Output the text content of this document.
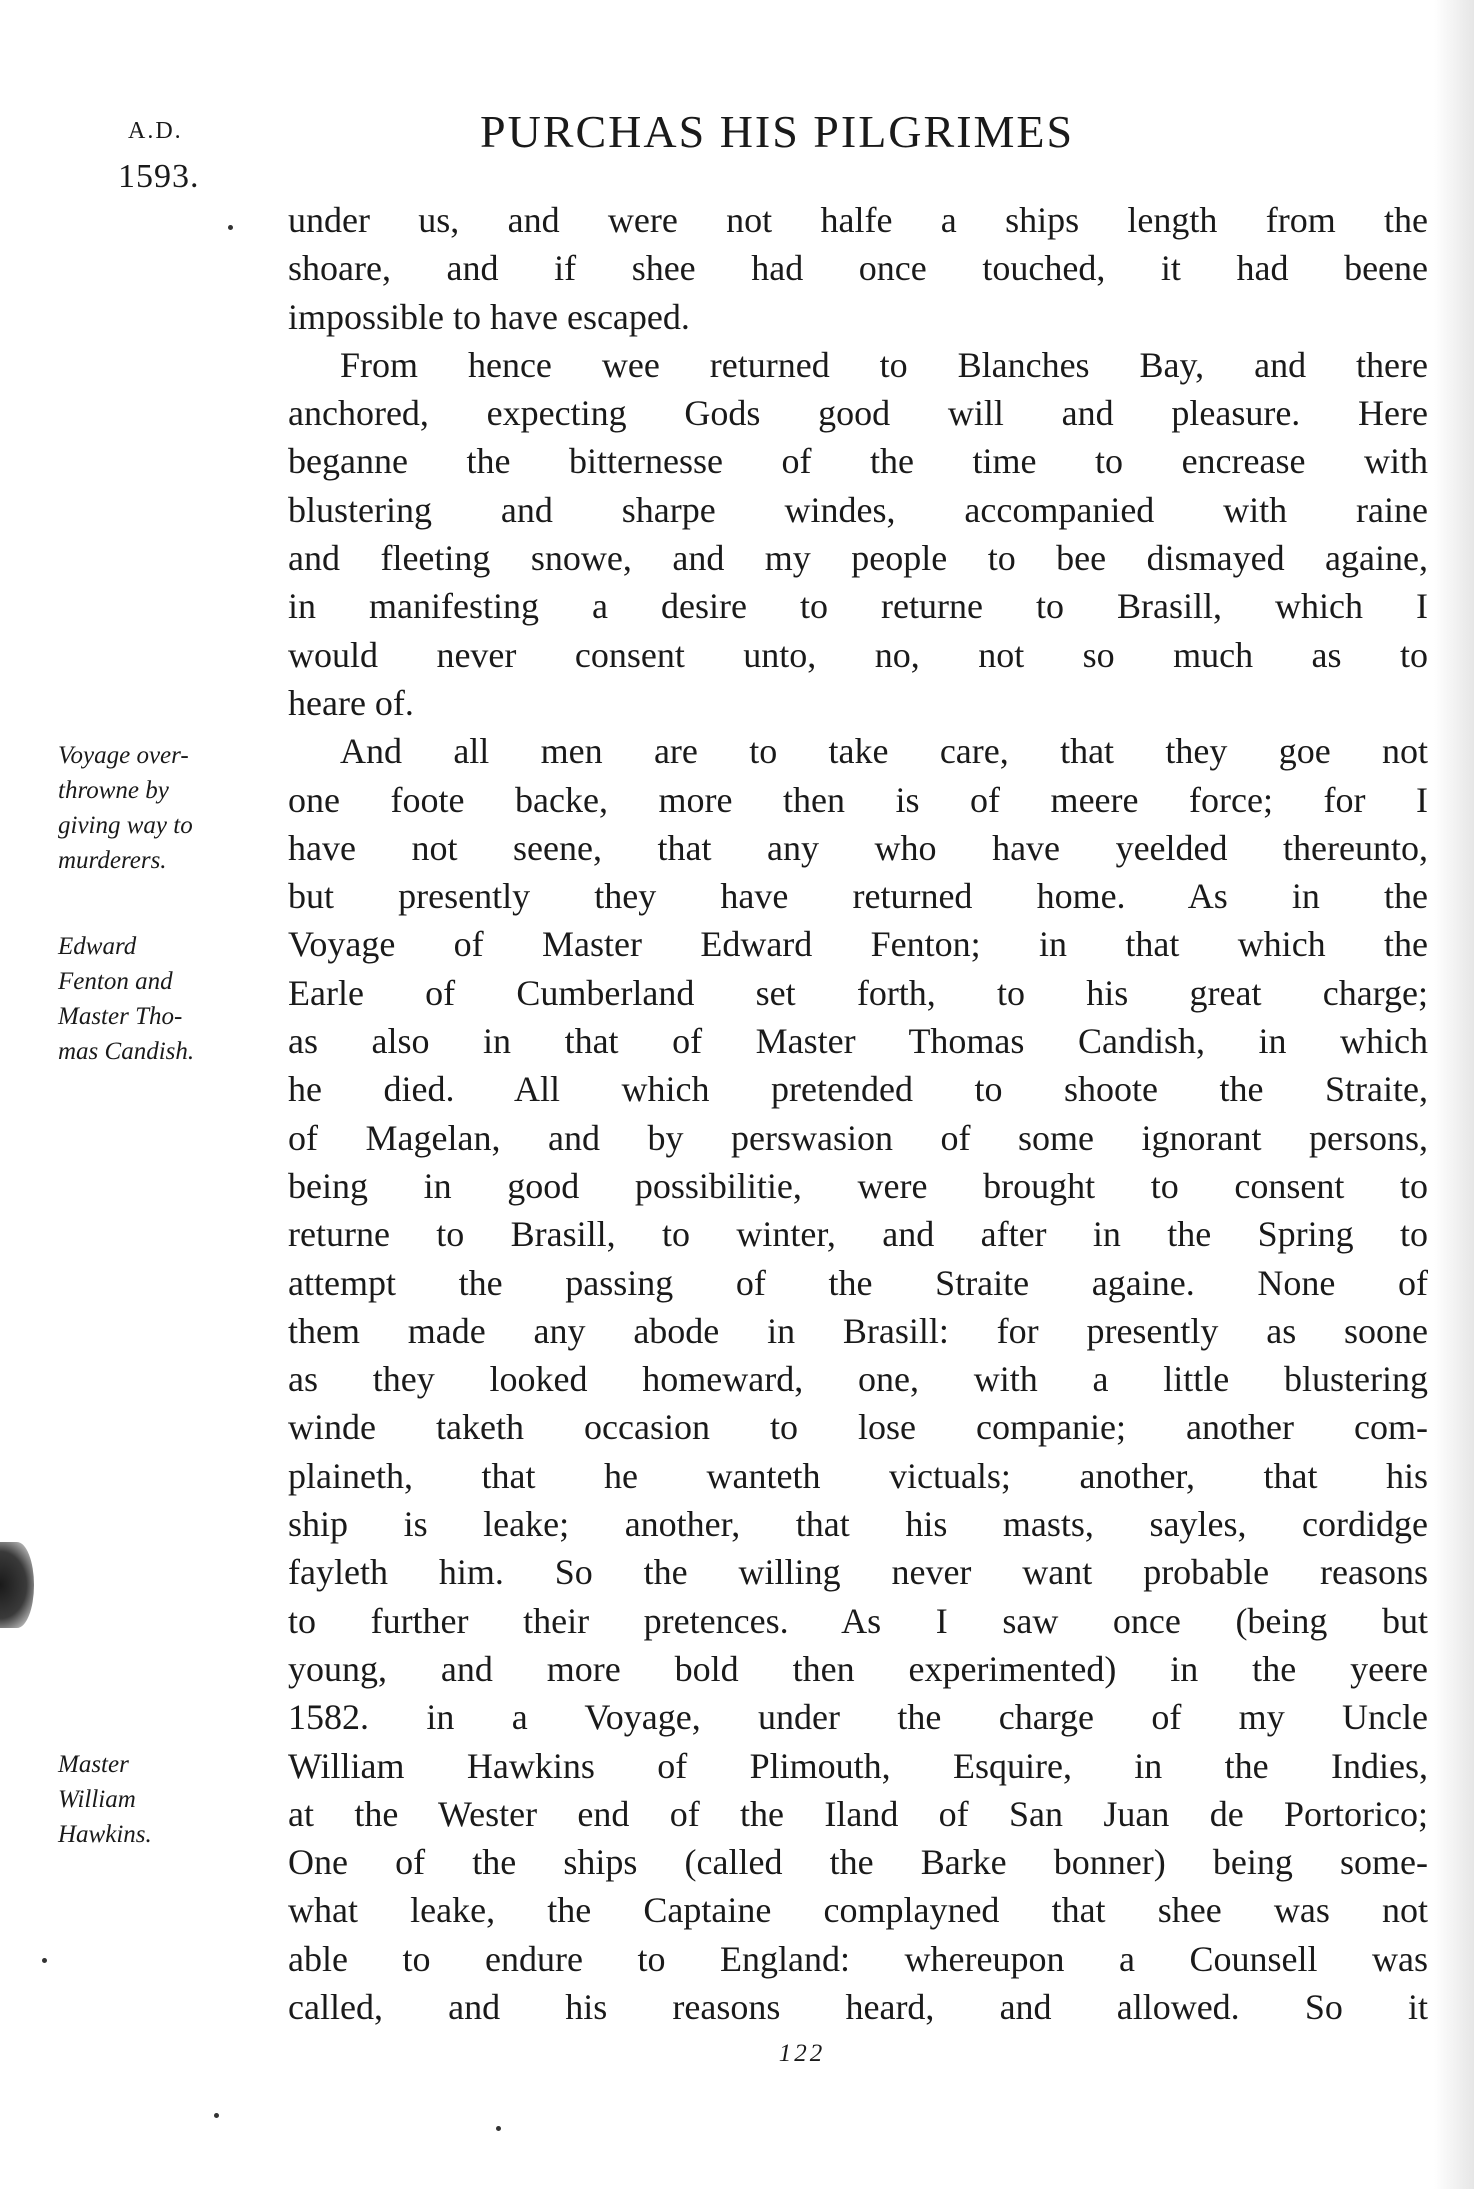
A.D.
1593.
PURCHAS HIS PILGRIMES
under us, and were not halfe a ships length from the
shoare, and if shee had once touched, it had beene
impossible to have escaped.
From hence wee returned to Blanches Bay, and there
anchored, expecting Gods good will and pleasure. Here
beganne the bitternesse of the time to encrease with
blustering and sharpe windes, accompanied with raine
and fleeting snowe, and my people to bee dismayed againe,
in manifesting a desire to returne to Brasill, which I
would never consent unto, no, not so much as to
heare of.
And all men are to take care, that they goe not
one foote backe, more then is of meere force; for I
have not seene, that any who have yeelded thereunto,
but presently they have returned home. As in the
Voyage of Master Edward Fenton; in that which the
Earle of Cumberland set forth, to his great charge;
as also in that of Master Thomas Candish, in which
he died. All which pretended to shoote the Straite,
of Magelan, and by perswasion of some ignorant persons,
being in good possibilitie, were brought to consent to
returne to Brasill, to winter, and after in the Spring to
attempt the passing of the Straite againe. None of
them made any abode in Brasill: for presently as soone
as they looked homeward, one, with a little blustering
winde taketh occasion to lose companie; another com-
plaineth, that he wanteth victuals; another, that his
ship is leake; another, that his masts, sayles, cordidge
fayleth him. So the willing never want probable reasons
to further their pretences. As I saw once (being but
young, and more bold then experimented) in the yeere
1582. in a Voyage, under the charge of my Uncle
William Hawkins of Plimouth, Esquire, in the Indies,
at the Wester end of the Iland of San Juan de Portorico;
One of the ships (called the Barke bonner) being some-
what leake, the Captaine complayned that shee was not
able to endure to England: whereupon a Counsell was
called, and his reasons heard, and allowed. So it
Voyage over-
throwne by
giving way to
murderers.
Edward
Fenton and
Master Tho-
mas Candish.
Master
William
Hawkins.
122
